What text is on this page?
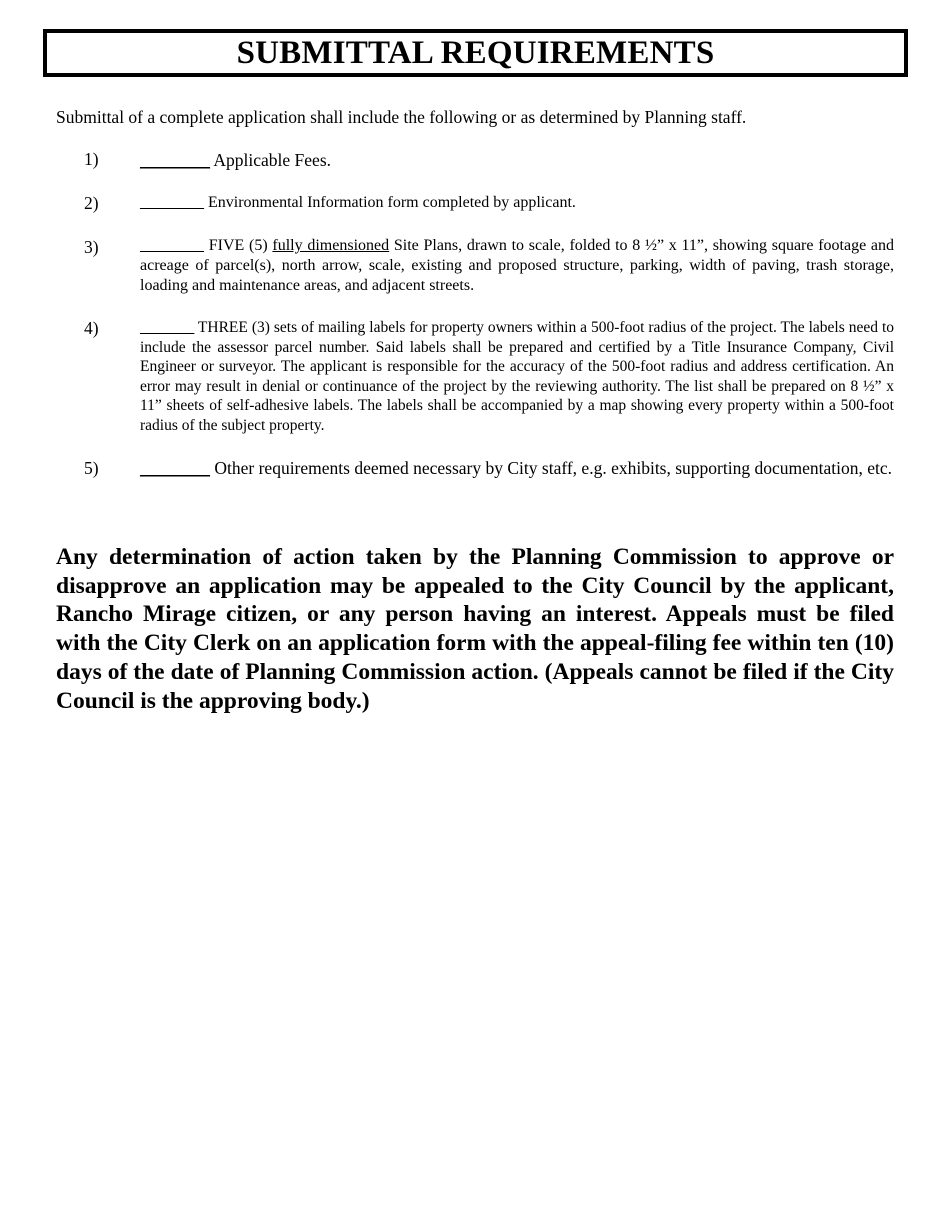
SUBMITTAL REQUIREMENTS
Submittal of a complete application shall include the following or as determined by Planning staff.
1) ________ Applicable Fees.
2)	________ Environmental Information form completed by applicant.
3)	________ FIVE (5) fully dimensioned Site Plans, drawn to scale, folded to 8 ½” x 11”, showing square footage and acreage of parcel(s), north arrow, scale, existing and proposed structure, parking, width of paving, trash storage, loading and maintenance areas, and adjacent streets.
4)	_______ THREE (3) sets of mailing labels for property owners within a 500-foot radius of the project. The labels need to include the assessor parcel number. Said labels shall be prepared and certified by a Title Insurance Company, Civil Engineer or surveyor. The applicant is responsible for the accuracy of the 500-foot radius and address certification. An error may result in denial or continuance of the project by the reviewing authority. The list shall be prepared on 8 ½” x 11” sheets of self-adhesive labels. The labels shall be accompanied by a map showing every property within a 500-foot radius of the subject property.
5) ________ Other requirements deemed necessary by City staff, e.g. exhibits, supporting documentation, etc.
Any determination of action taken by the Planning Commission to approve or disapprove an application may be appealed to the City Council by the applicant, Rancho Mirage citizen, or any person having an interest. Appeals must be filed with the City Clerk on an application form with the appeal-filing fee within ten (10) days of the date of Planning Commission action. (Appeals cannot be filed if the City Council is the approving body.)
